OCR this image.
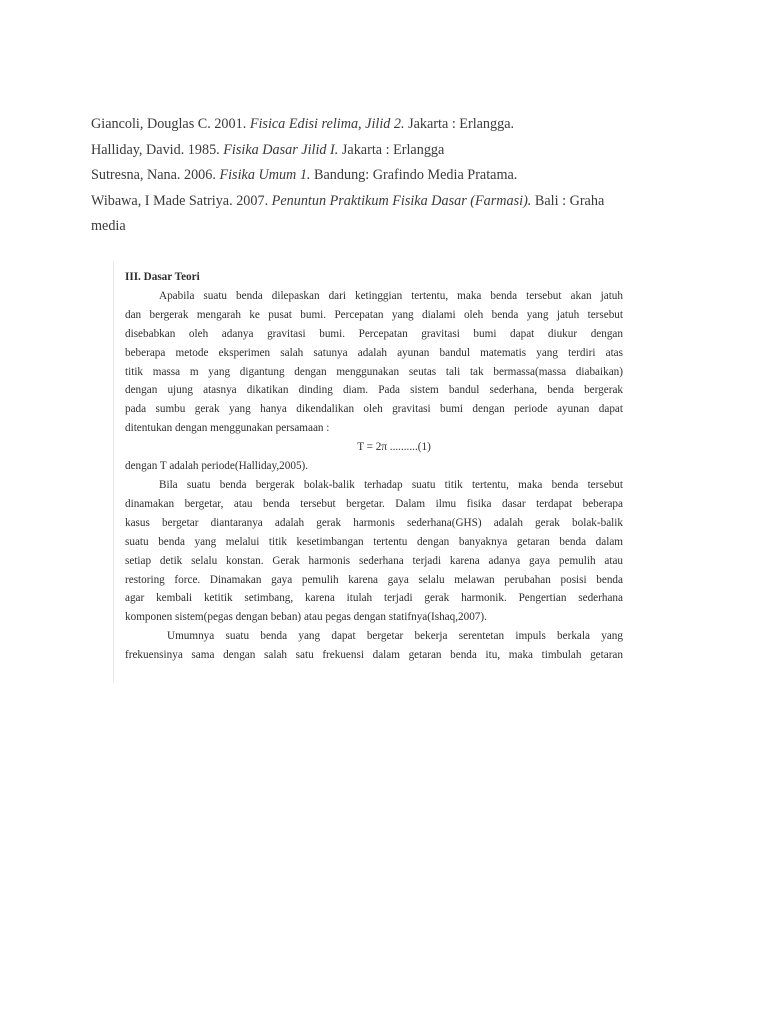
Giancoli, Douglas C. 2001. Fisica Edisi relima, Jilid 2. Jakarta : Erlangga.

Halliday, David. 1985. Fisika Dasar Jilid I. Jakarta : Erlangga

Sutresna, Nana. 2006. Fisika Umum 1. Bandung: Grafindo Media Pratama.

Wibawa, I Made Satriya. 2007. Penuntun Praktikum Fisika Dasar (Farmasi). Bali : Graha

media

III. Dasar Teori

Apabila suatu benda dilepaskan dari ketinggian tertentu, maka benda tersebut akan jatuh

dan bergerak mengarah ke pusat bumi. Percepatan yang dialami oleh benda yang jatuh tersebut

disebabkan oleh adanya gravitasi bumi. Percepatan gravitasi bumi dapat diukur dengan

beberapa metode eksperimen salah satunya adalah ayunan bandul matematis yang terdiri atas

titik massa m yang digantung dengan menggunakan seutas tali tak bermassa(massa diabaikan)

dengan ujung atasnya dikatikan dinding diam. Pada sistem bandul sederhana, benda bergerak

pada sumbu gerak yang hanya dikendalikan oleh gravitasi bumi dengan periode ayunan dapat

ditentukan dengan menggunakan persamaan :

T = 2π ..........(1)

dengan T adalah periode(Halliday,2005).

Bila suatu benda bergerak bolak-balik terhadap suatu titik tertentu, maka benda tersebut

dinamakan bergetar, atau benda tersebut bergetar. Dalam ilmu fisika dasar terdapat beberapa

kasus bergetar diantaranya adalah gerak harmonis sederhana(GHS) adalah gerak bolak-balik

suatu benda yang melalui titik kesetimbangan tertentu dengan banyaknya getaran benda dalam

setiap detik selalu konstan. Gerak harmonis sederhana terjadi karena adanya gaya pemulih atau

restoring force. Dinamakan gaya pemulih karena gaya selalu melawan perubahan posisi benda

agar kembali ketitik setimbang, karena itulah terjadi gerak harmonik. Pengertian sederhana

komponen sistem(pegas dengan beban) atau pegas dengan statifnya(Ishaq,2007).

Umumnya suatu benda yang dapat bergetar bekerja serentetan impuls berkala yang

frekuensinya sama dengan salah satu frekuensi dalam getaran benda itu, maka timbulah getaran
